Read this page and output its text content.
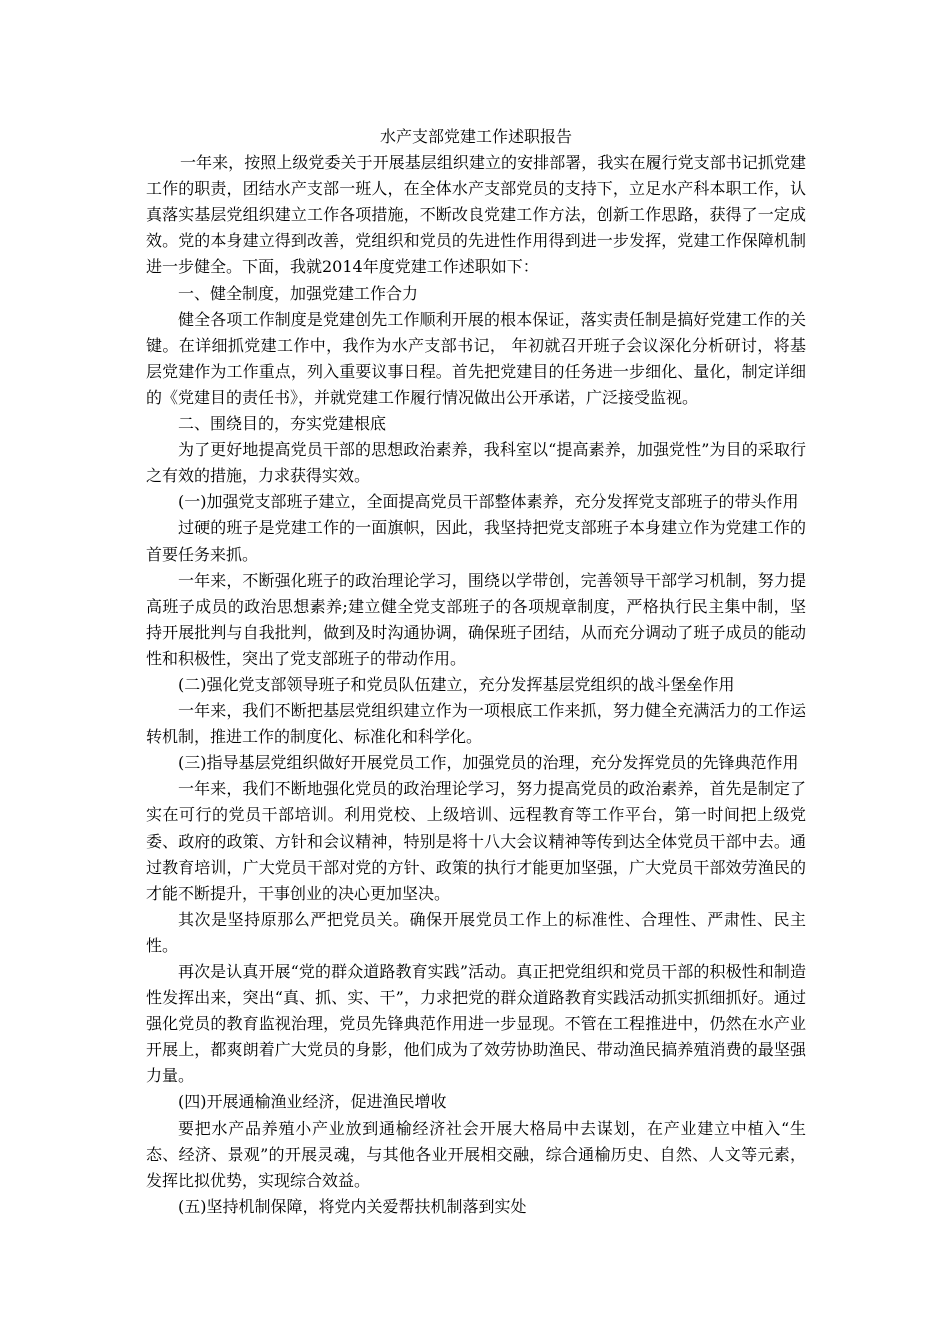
水产支部党建工作述职报告

一年来，按照上级党委关于开展基层组织建立的安排部署，我实在履行党支部书记抓党建工作的职责，团结水产支部一班人，在全体水产支部党员的支持下，立足水产科本职工作，认真落实基层党组织建立工作各项措施，不断改良党建工作方法，创新工作思路，获得了一定成效。党的本身建立得到改善，党组织和党员的先进性作用得到进一步发挥，党建工作保障机制进一步健全。下面，我就2014年度党建工作述职如下：

一、健全制度，加强党建工作合力

健全各项工作制度是党建创先工作顺利开展的根本保证，落实责任制是搞好党建工作的关键。在详细抓党建工作中，我作为水产支部书记， 年初就召开班子会议深化分析研讨，将基层党建作为工作重点，列入重要议事日程。首先把党建目的任务进一步细化、量化，制定详细的《党建目的责任书》，并就党建工作履行情况做出公开承诺，广泛接受监视。

二、围绕目的，夯实党建根底

为了更好地提高党员干部的思想政治素养，我科室以“提高素养，加强党性”为目的采取行之有效的措施，力求获得实效。

(一)加强党支部班子建立，全面提高党员干部整体素养，充分发挥党支部班子的带头作用

过硬的班子是党建工作的一面旗帜，因此，我坚持把党支部班子本身建立作为党建工作的首要任务来抓。

一年来，不断强化班子的政治理论学习，围绕以学带创，完善领导干部学习机制，努力提高班子成员的政治思想素养;建立健全党支部班子的各项规章制度，严格执行民主集中制，坚持开展批判与自我批判，做到及时沟通协调，确保班子团结，从而充分调动了班子成员的能动性和积极性，突出了党支部班子的带动作用。

(二)强化党支部领导班子和党员队伍建立，充分发挥基层党组织的战斗堡垒作用

一年来，我们不断把基层党组织建立作为一项根底工作来抓，努力健全充满活力的工作运转机制，推进工作的制度化、标准化和科学化。

(三)指导基层党组织做好开展党员工作，加强党员的治理，充分发挥党员的先锋典范作用

一年来，我们不断地强化党员的政治理论学习，努力提高党员的政治素养，首先是制定了实在可行的党员干部培训。利用党校、上级培训、远程教育等工作平台，第一时间把上级党委、政府的政策、方针和会议精神，特别是将十八大会议精神等传到达全体党员干部中去。通过教育培训，广大党员干部对党的方针、政策的执行才能更加坚强，广大党员干部效劳渔民的才能不断提升，干事创业的决心更加坚决。

其次是坚持原那么严把党员关。确保开展党员工作上的标准性、合理性、严肃性、民主性。

再次是认真开展“党的群众道路教育实践”活动。真正把党组织和党员干部的积极性和制造性发挥出来，突出“真、抓、实、干”，力求把党的群众道路教育实践活动抓实抓细抓好。通过强化党员的教育监视治理，党员先锋典范作用进一步显现。不管在工程推进中，仍然在水产业开展上，都爽朗着广大党员的身影，他们成为了效劳协助渔民、带动渔民搞养殖消费的最坚强力量。

(四)开展通榆渔业经济，促进渔民增收

要把水产品养殖小产业放到通榆经济社会开展大格局中去谋划，在产业建立中植入“生态、经济、景观”的开展灵魂，与其他各业开展相交融，综合通榆历史、自然、人文等元素，发挥比拟优势，实现综合效益。

(五)坚持机制保障，将党内关爱帮扶机制落到实处
